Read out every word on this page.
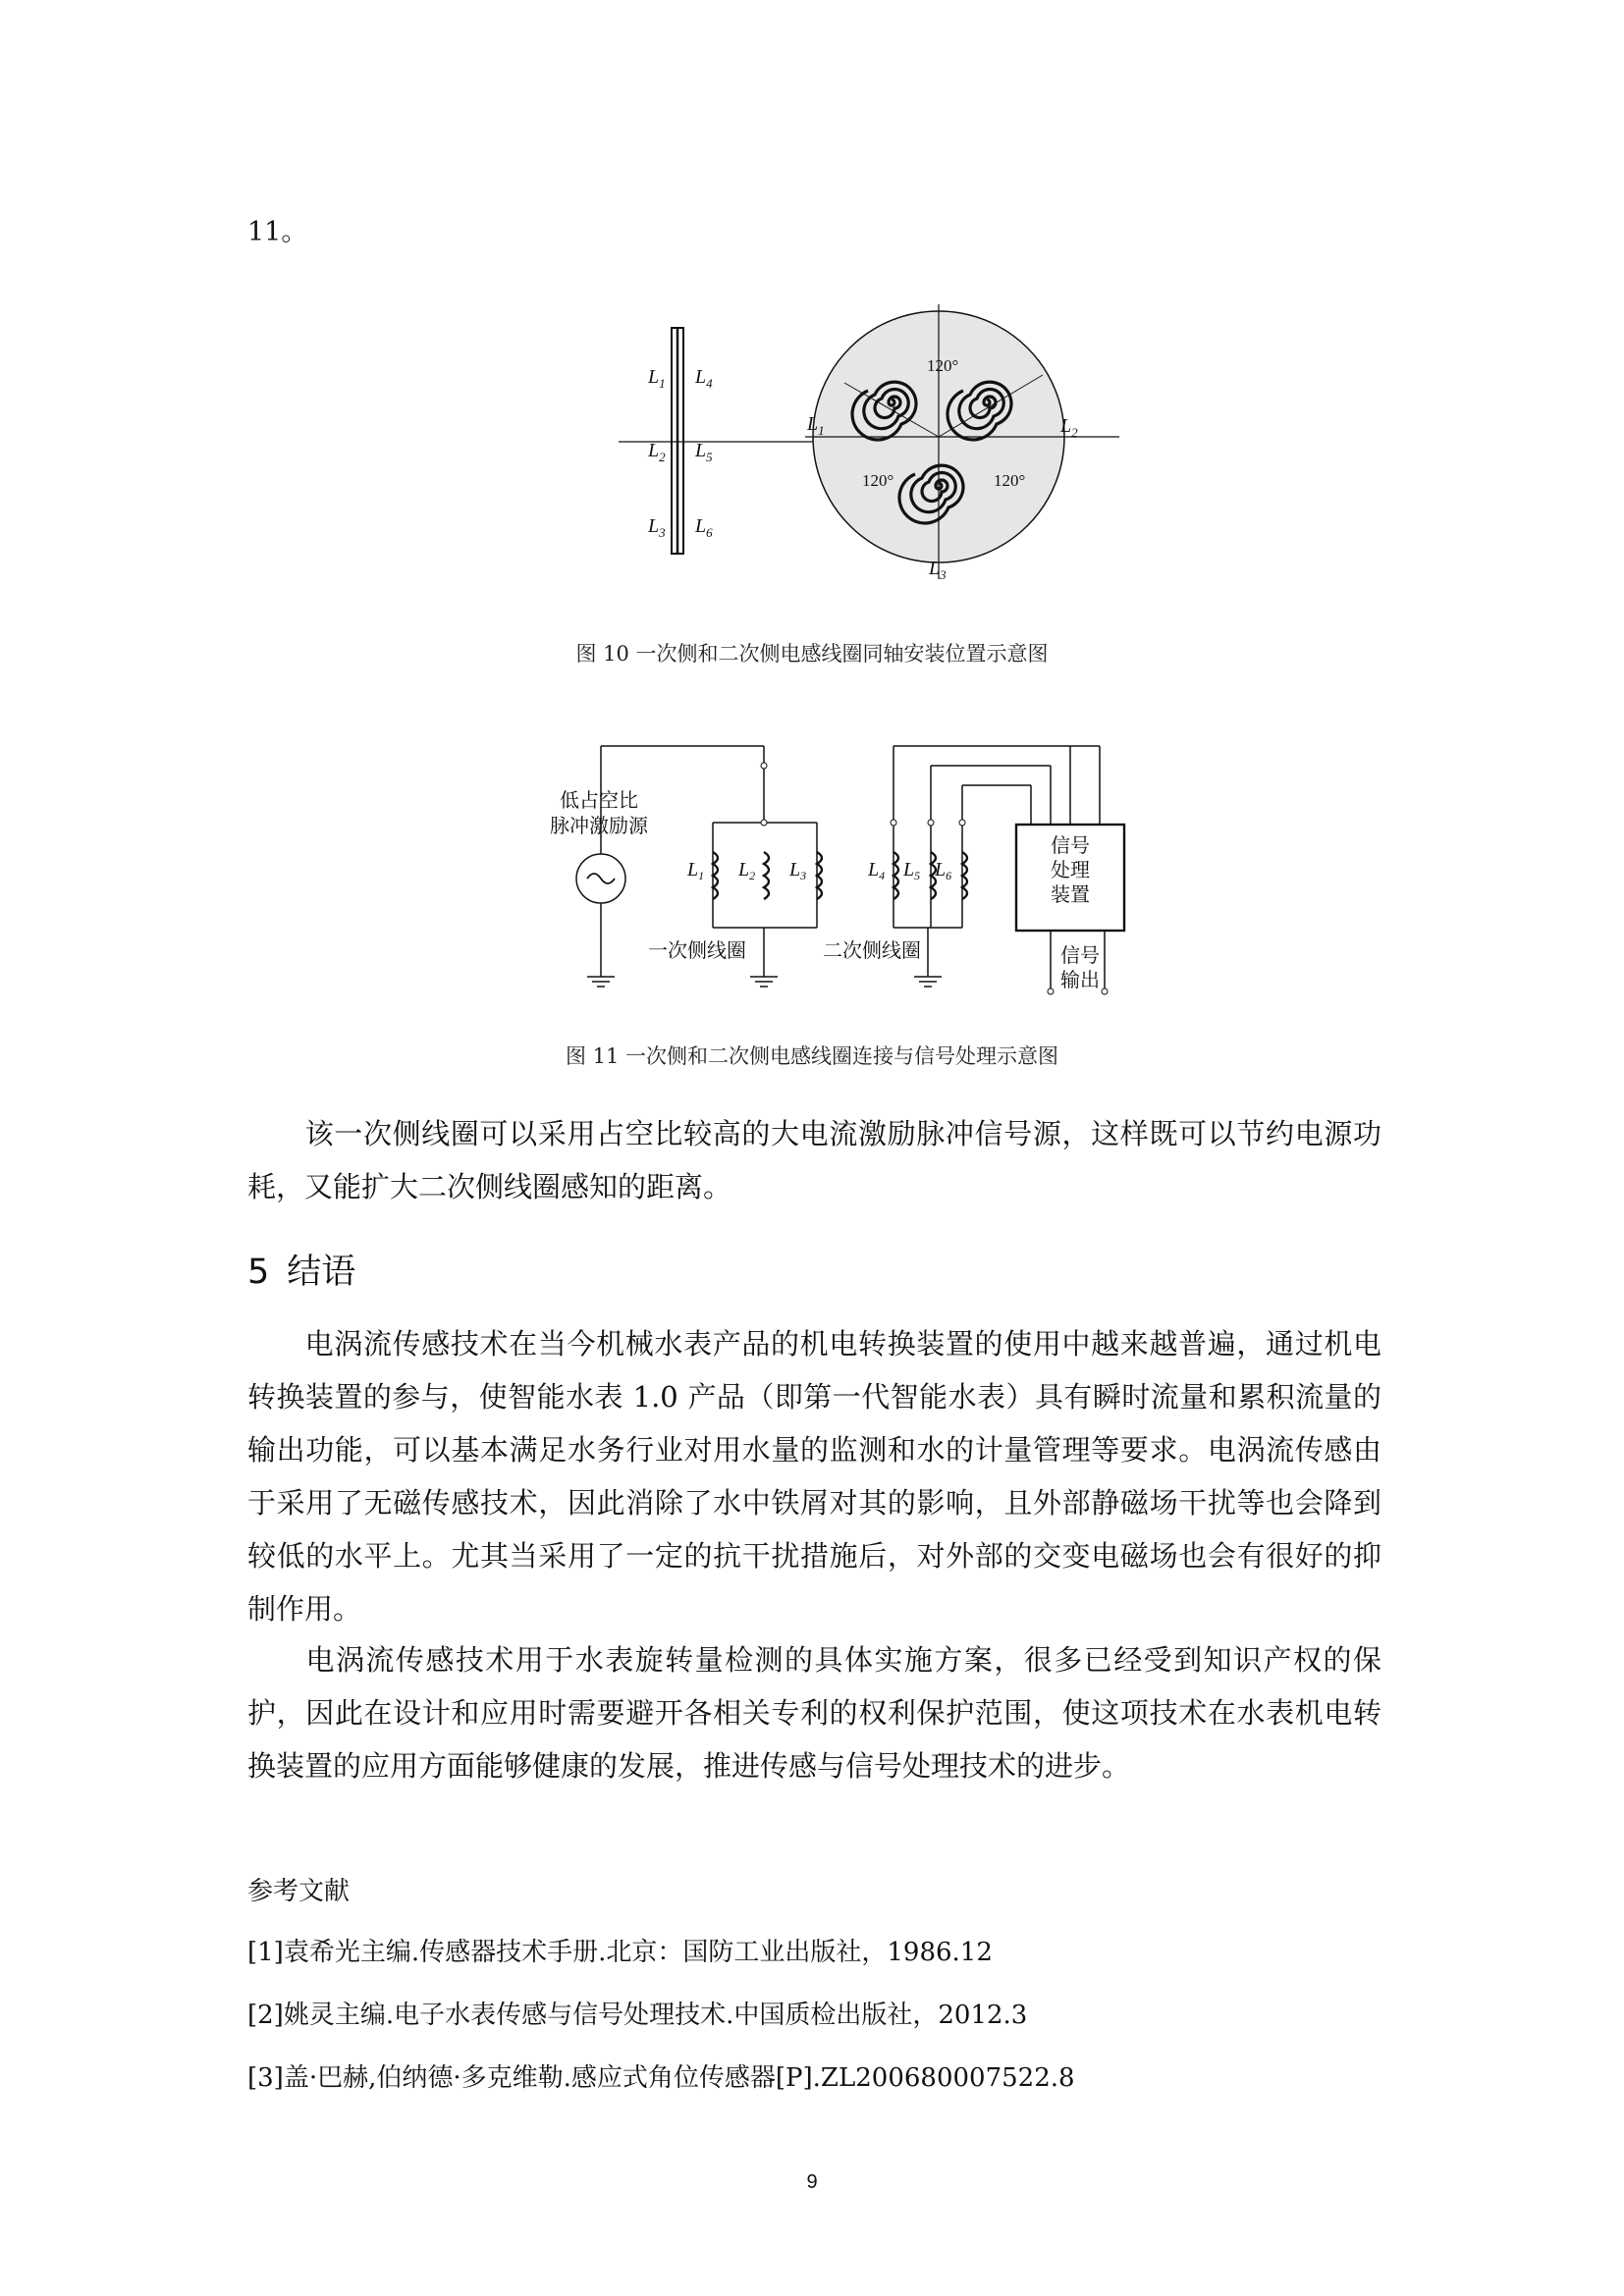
11。
$L_1$
$L_2$
$L_3$
$L_4$
$L_5$
$L_6$
120°
120°	120°
$L_1$	$L_2$
$L_3$
图 10 一次侧和二次侧电感线圈同轴安装位置示意图
$L_1$ $L_2$ $L_3$	$L_4$ $L_5$ $L_6$
低占空比
脉冲激励源
一次侧线圈	二次侧线圈
信号
处理
装置
信号
输出
图 11 一次侧和二次侧电感线圈连接与信号处理示意图
该一次侧线圈可以采用占空比较高的大电流激励脉冲信号源，这样既可以节约电源功耗，又能扩大二次侧线圈感知的距离。
5 结语
电涡流传感技术在当今机械水表产品的机电转换装置的使用中越来越普遍，通过机电转换装置的参与，使智能水表 1.0 产品（即第一代智能水表）具有瞬时流量和累积流量的输出功能，可以基本满足水务行业对用水量的监测和水的计量管理等要求。电涡流传感由于采用了无磁传感技术，因此消除了水中铁屑对其的影响，且外部静磁场干扰等也会降到较低的水平上。尤其当采用了一定的抗干扰措施后，对外部的交变电磁场也会有很好的抑制作用。
电涡流传感技术用于水表旋转量检测的具体实施方案，很多已经受到知识产权的保护，因此在设计和应用时需要避开各相关专利的权利保护范围，使这项技术在水表机电转换装置的应用方面能够健康的发展，推进传感与信号处理技术的进步。
参考文献
[1]袁希光主编.传感器技术手册.北京：国防工业出版社，1986.12
[2]姚灵主编.电子水表传感与信号处理技术.中国质检出版社，2012.3
[3]盖·巴赫,伯纳德·多克维勒.感应式角位传感器[P].ZL200680007522.8
9
